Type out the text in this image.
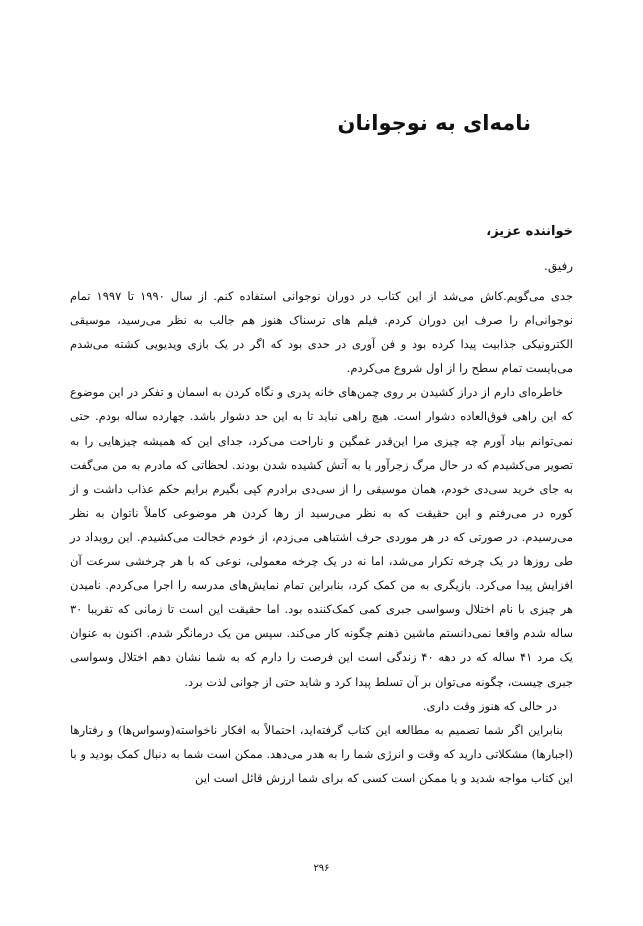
نامه‌ای به نوجوانان
خواننده عزیز،
رفیق.

جدی می‌گویم.کاش می‌شد از این کتاب در دوران نوجوانی استفاده کنم. از سال ۱۹۹۰ تا ۱۹۹۷ تمام نوجوانی‌ام را صرف این دوران کردم. فیلم های ترسناک هنوز هم جالب به نظر می‌رسید، موسیقی الکترونیکی جذابیت پیدا کرده بود و فن آوری در حدی بود که اگر در یک بازی ویدیویی کشته می‌شدم می‌بایست تمام سطح را از اول شروع می‌کردم.

خاطره‌ای دارم از دراز کشیدن بر روی چمن‌های خانه پدری و نگاه کردن به اسمان و تفکر در این موضوع که این راهی فوق‌العاده دشوار است. هیچ راهی نباید تا به این حد دشوار باشد. چهارده ساله بودم. حتی نمی‌توانم بیاد آورم چه چیزی مرا این‌قدر غمگین و ناراحت می‌کرد، جدای این که همیشه چیزهایی را به تصویر می‌کشیدم که در حال مرگ زجرآور یا به آتش کشیده شدن بودند. لحظاتی که مادرم به من می‌گفت به جای خرید سی‌دی خودم، همان موسیقی را از سی‌دی برادرم کپی بگیرم برایم حکم عذاب داشت و از کوره در می‌رفتم و این حقیقت که به نظر می‌رسید از رها کردن هر موضوعی کاملاً ناتوان به نظر می‌رسیدم. در صورتی که در هر موردی حرف اشتباهی می‌زدم، از خودم خجالت می‌کشیدم. این رویداد در طی روزها در یک چرخه تکرار می‌شد، اما نه در یک چرخه معمولی، نوعی که با هر چرخشی سرعت آن افزایش پیدا می‌کرد. بازیگری به من کمک کرد، بنابراین تمام نمایش‌های مدرسه را اجرا می‌کردم. نامیدن هر چیزی با نام اختلال وسواسی جبری کمی کمک‌کننده بود. اما حقیقت این است تا زمانی که تقریبا ۳۰ ساله شدم واقعا نمی‌دانستم ماشین ذهنم چگونه کار می‌کند. سپس من یک درمانگر شدم. اکنون به عنوان یک مرد ۴۱ ساله که در دهه ۴۰ زندگی است این فرصت را دارم که به شما نشان دهم اختلال وسواسی جبری چیست، چگونه می‌توان بر آن تسلط پیدا کرد و شاید حتی از جوانی لذت برد.

در حالی که هنوز وقت داری.

بنابراین اگر شما تصمیم به مطالعه این کتاب گرفته‌اید، احتمالاً به افکار ناخواسته(وسواس‌ها) و رفتارها (اجبارها) مشکلاتی دارید که وقت و انرژی شما را به هدر می‌دهد. ممکن است شما به دنبال کمک بودید و با این کتاب مواجه شدید و یا ممکن است کسی که برای شما ارزش قائل است این

۲۹۶
